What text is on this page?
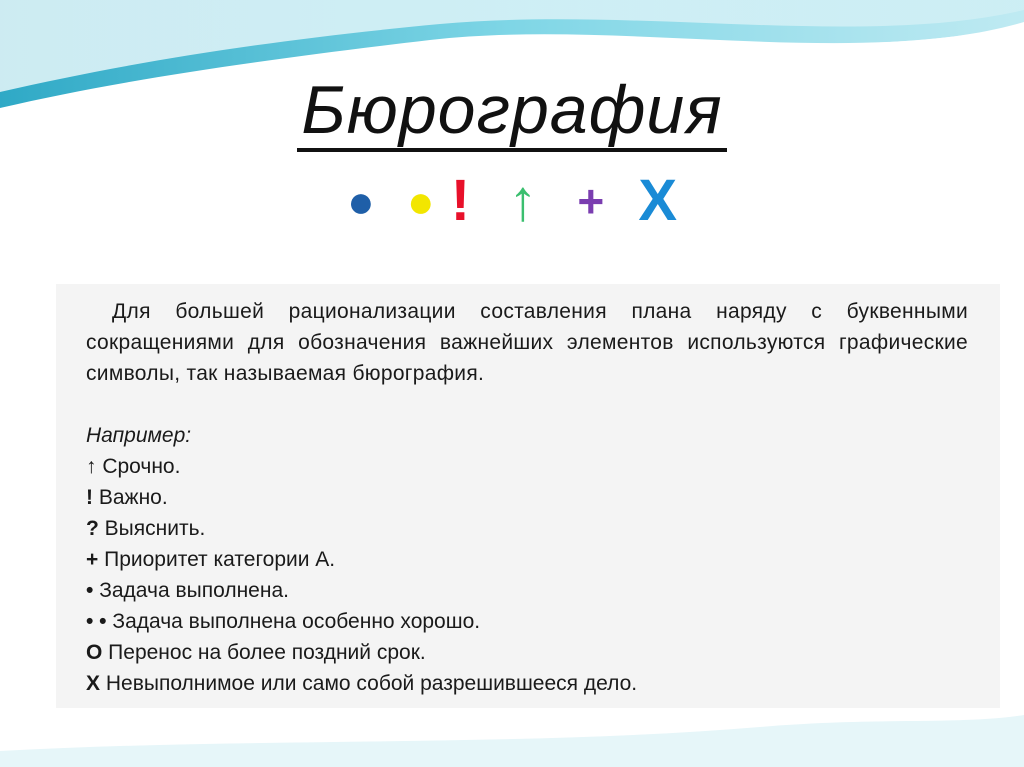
Бюрография
● ● ! ↑ + X
Для большей рационализации составления плана наряду с буквенными сокращениями для обозначения важнейших элементов используются графические символы, так называемая бюрография.
Например:
↑ Срочно.
! Важно.
? Выяснить.
+ Приоритет категории А.
• Задача выполнена.
• • Задача выполнена особенно хорошо.
О Перенос на более поздний срок.
Х Невыполнимое или само собой разрешившееся дело.
